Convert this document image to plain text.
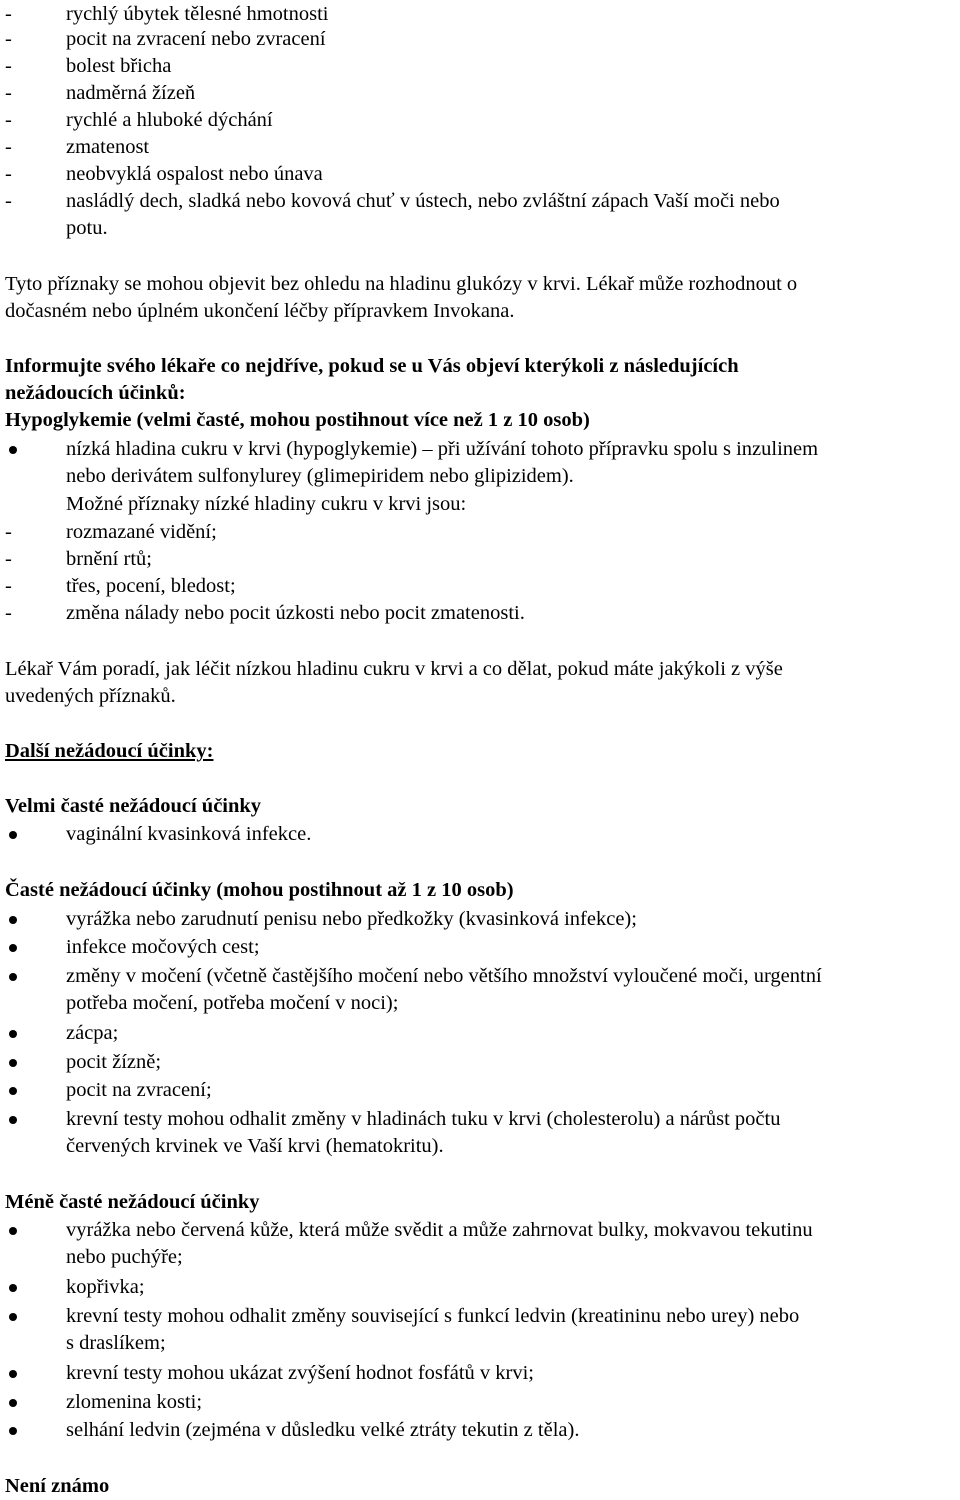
-	rychlý úbytek tělesné hmotnosti
-	pocit na zvracení nebo zvracení
-	bolest břicha
-	nadměrná žízeň
-	rychlé a hluboké dýchání
-	zmatenost
-	neobvyklá ospalost nebo únava
-	nasládlý dech, sladká nebo kovová chuť v ústech, nebo zvláštní zápach Vaší moči nebo
potu.
Tyto příznaky se mohou objevit bez ohledu na hladinu glukózy v krvi. Lékař může rozhodnout o
dočasném nebo úplném ukončení léčby přípravkem Invokana.
Informujte svého lékaře co nejdříve, pokud se u Vás objeví kterýkoli z následujících
nežádoucích účinků:
Hypoglykemie (velmi časté, mohou postihnout více než 1 z 10 osob)
nízká hladina cukru v krvi (hypoglykemie) – při užívání tohoto přípravku spolu s inzulinem
nebo derivátem sulfonylurey (glimepiridem nebo glipizidem).
Možné příznaky nízké hladiny cukru v krvi jsou:
-	rozmazané vidění;
-	brnění rtů;
-	třes, pocení, bledost;
-	změna nálady nebo pocit úzkosti nebo pocit zmatenosti.
Lékař Vám poradí, jak léčit nízkou hladinu cukru v krvi a co dělat, pokud máte jakýkoli z výše
uvedených příznaků.
Další nežádoucí účinky:
Velmi časté nežádoucí účinky
vaginální kvasinková infekce.
Časté nežádoucí účinky (mohou postihnout až 1 z 10 osob)
vyrážka nebo zarudnutí penisu nebo předkožky (kvasinková infekce);
infekce močových cest;
změny v močení (včetně častějšího močení nebo většího množství vyloučené moči, urgentní
potřeba močení, potřeba močení v noci);
zácpa;
pocit žízně;
pocit na zvracení;
krevní testy mohou odhalit změny v hladinách tuku v krvi (cholesterolu) a nárůst počtu
červených krvinek ve Vaší krvi (hematokritu).
Méně časté nežádoucí účinky
vyrážka nebo červená kůže, která může svědit a může zahrnovat bulky, mokvavou tekutinu
nebo puchýře;
kopřivka;
krevní testy mohou odhalit změny související s funkcí ledvin (kreatininu nebo urey) nebo
s draslíkem;
krevní testy mohou ukázat zvýšení hodnot fosfátů v krvi;
zlomenina kosti;
selhání ledvin (zejména v důsledku velké ztráty tekutin z těla).
Není známo
